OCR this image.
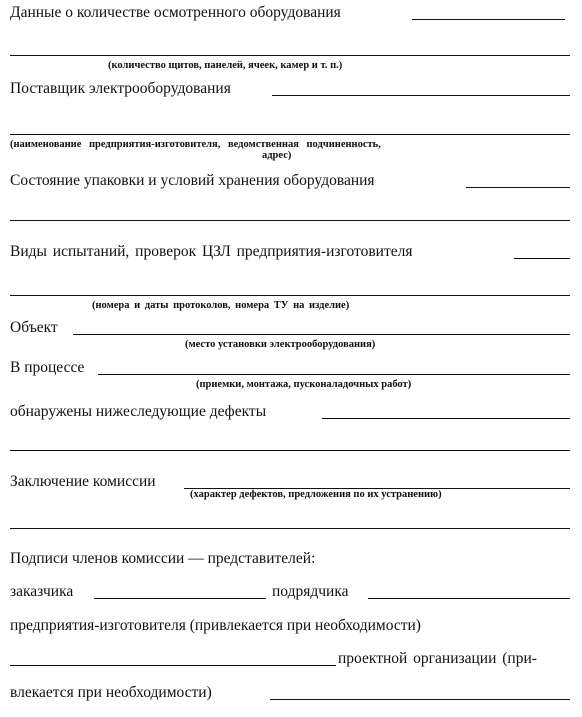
Данные о количестве осмотренного оборудования
(количество щитов, панелей, ячеек, камер и т. п.)
Поставщик электрооборудования
(наименование предприятия-изготовителя, ведомственная подчиненность,
адрес)
Состояние упаковки и условий хранения оборудования
Виды испытаний, проверок ЦЗЛ предприятия-изготовителя
(номера и даты протоколов, номера ТУ на изделие)
Объект
(место установки электрооборудования)
В процессе
(приемки, монтажа, пусконаладочных работ)
обнаружены нижеследующие дефекты
Заключение комиссии
(характер дефектов, предложения по их устранению)
Подписи членов комиссии — представителей:
заказчика	подрядчика
предприятия-изготовителя (привлекается при необходимости)
проектной организации (при-
влекается при необходимости)
